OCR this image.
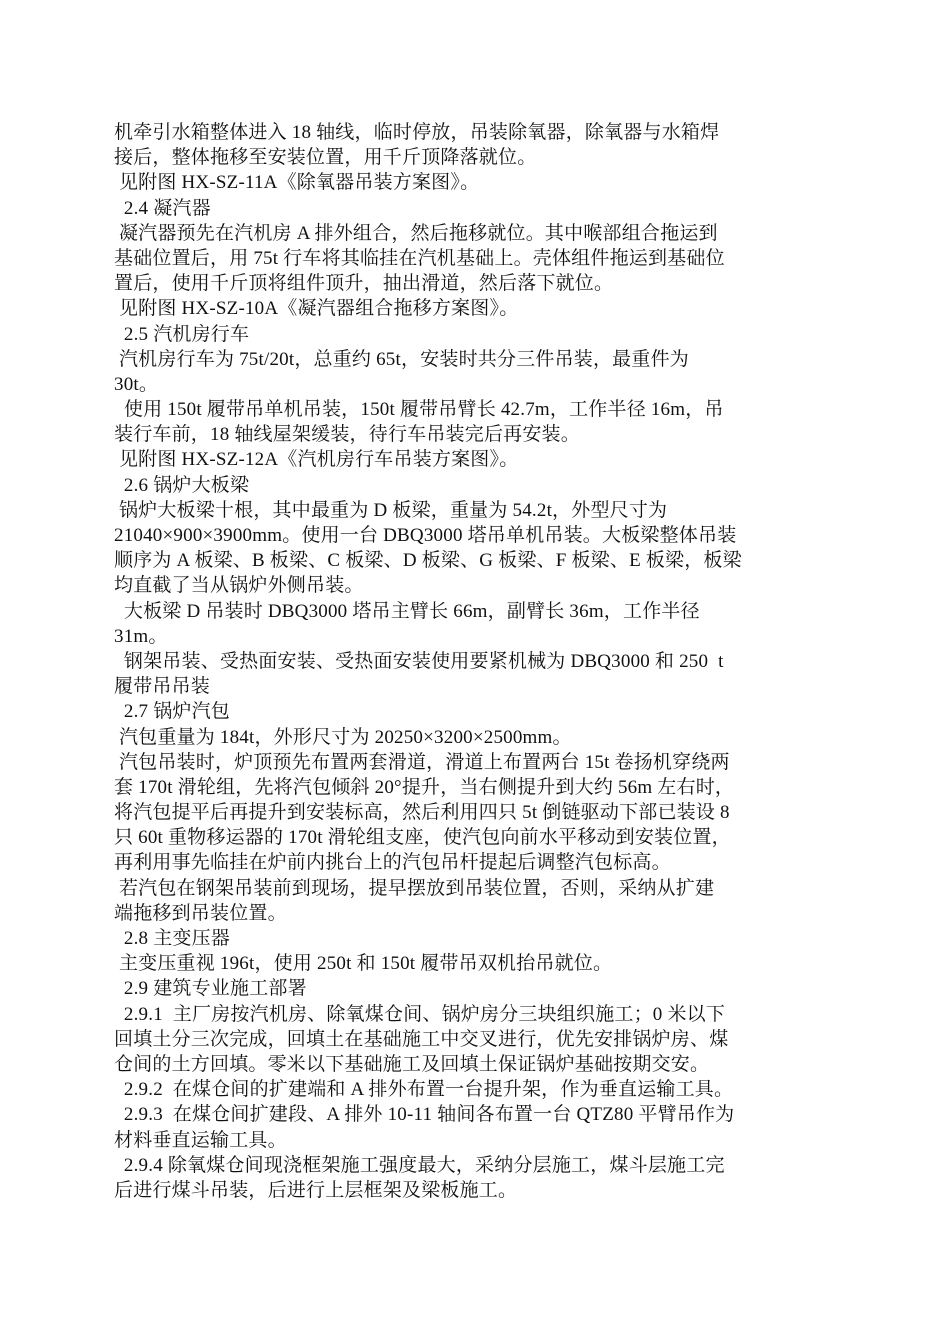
机牵引水箱整体进入 18 轴线，临时停放，吊装除氧器，除氧器与水箱焊
接后，整体拖移至安装位置，用千斤顶降落就位。
见附图 HX-SZ-11A《除氧器吊装方案图》。
2.4 凝汽器
凝汽器预先在汽机房 A 排外组合，然后拖移就位。其中喉部组合拖运到
基础位置后，用 75t 行车将其临挂在汽机基础上。壳体组件拖运到基础位
置后，使用千斤顶将组件顶升，抽出滑道，然后落下就位。
见附图 HX-SZ-10A《凝汽器组合拖移方案图》。
2.5 汽机房行车
汽机房行车为 75t/20t，总重约 65t，安装时共分三件吊装，最重件为
30t。
使用 150t 履带吊单机吊装，150t 履带吊臂长 42.7m，工作半径 16m，吊
装行车前，18 轴线屋架缓装，待行车吊装完后再安装。
见附图 HX-SZ-12A《汽机房行车吊装方案图》。
2.6 锅炉大板梁
锅炉大板梁十根，其中最重为 D 板梁，重量为 54.2t，外型尺寸为
21040×900×3900mm。使用一台 DBQ3000 塔吊单机吊装。大板梁整体吊装
顺序为 A 板梁、B 板梁、C 板梁、D 板梁、G 板梁、F 板梁、E 板梁，板梁
均直截了当从锅炉外侧吊装。
大板梁 D 吊装时 DBQ3000 塔吊主臂长 66m，副臂长 36m，工作半径
31m。
钢架吊装、受热面安装、受热面安装使用要紧机械为 DBQ3000 和 250  t
履带吊吊装
2.7 锅炉汽包
汽包重量为 184t，外形尺寸为 20250×3200×2500mm。
汽包吊装时，炉顶预先布置两套滑道，滑道上布置两台 15t 卷扬机穿绕两
套 170t 滑轮组，先将汽包倾斜 20°提升，当右侧提升到大约 56m 左右时，
将汽包提平后再提升到安装标高，然后利用四只 5t 倒链驱动下部已装设 8
只 60t 重物移运器的 170t 滑轮组支座，使汽包向前水平移动到安装位置，
再利用事先临挂在炉前内挑台上的汽包吊杆提起后调整汽包标高。
若汽包在钢架吊装前到现场，提早摆放到吊装位置，否则，采纳从扩建
端拖移到吊装位置。
2.8 主变压器
主变压重视 196t，使用 250t 和 150t 履带吊双机抬吊就位。
2.9 建筑专业施工部署
2.9.1  主厂房按汽机房、除氧煤仓间、锅炉房分三块组织施工；0 米以下
回填土分三次完成，回填土在基础施工中交叉进行，优先安排锅炉房、煤
仓间的土方回填。零米以下基础施工及回填土保证锅炉基础按期交安。
2.9.2  在煤仓间的扩建端和 A 排外布置一台提升架，作为垂直运输工具。
2.9.3  在煤仓间扩建段、A 排外 10-11 轴间各布置一台 QTZ80 平臂吊作为
材料垂直运输工具。
2.9.4 除氧煤仓间现浇框架施工强度最大，采纳分层施工，煤斗层施工完
后进行煤斗吊装，后进行上层框架及梁板施工。
